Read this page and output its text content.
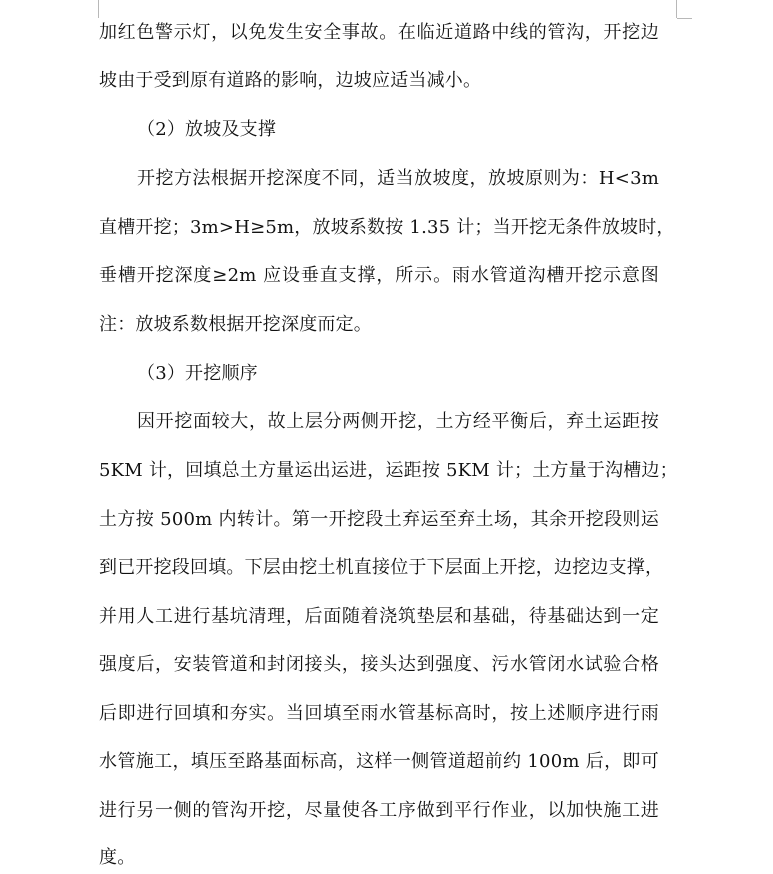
加红色警示灯，以免发生安全事故。在临近道路中线的管沟，开挖边
坡由于受到原有道路的影响，边坡应适当减小。
（2）放坡及支撑
开挖方法根据开挖深度不同，适当放坡度，放坡原则为：H<3m
直槽开挖；3m>H≥5m，放坡系数按 1.35 计；当开挖无条件放坡时，
垂槽开挖深度≥2m 应设垂直支撑，所示。雨水管道沟槽开挖示意图
注：放坡系数根据开挖深度而定。
（3）开挖顺序
因开挖面较大，故上层分两侧开挖，土方经平衡后，弃土运距按
5KM 计，回填总土方量运出运进，运距按 5KM 计；土方量于沟槽边；
土方按 500m 内转计。第一开挖段土弃运至弃土场，其余开挖段则运
到已开挖段回填。下层由挖土机直接位于下层面上开挖，边挖边支撑，
并用人工进行基坑清理，后面随着浇筑垫层和基础，待基础达到一定
强度后，安装管道和封闭接头，接头达到强度、污水管闭水试验合格
后即进行回填和夯实。当回填至雨水管基标高时，按上述顺序进行雨
水管施工，填压至路基面标高，这样一侧管道超前约 100m 后，即可
进行另一侧的管沟开挖，尽量使各工序做到平行作业，以加快施工进
度。
